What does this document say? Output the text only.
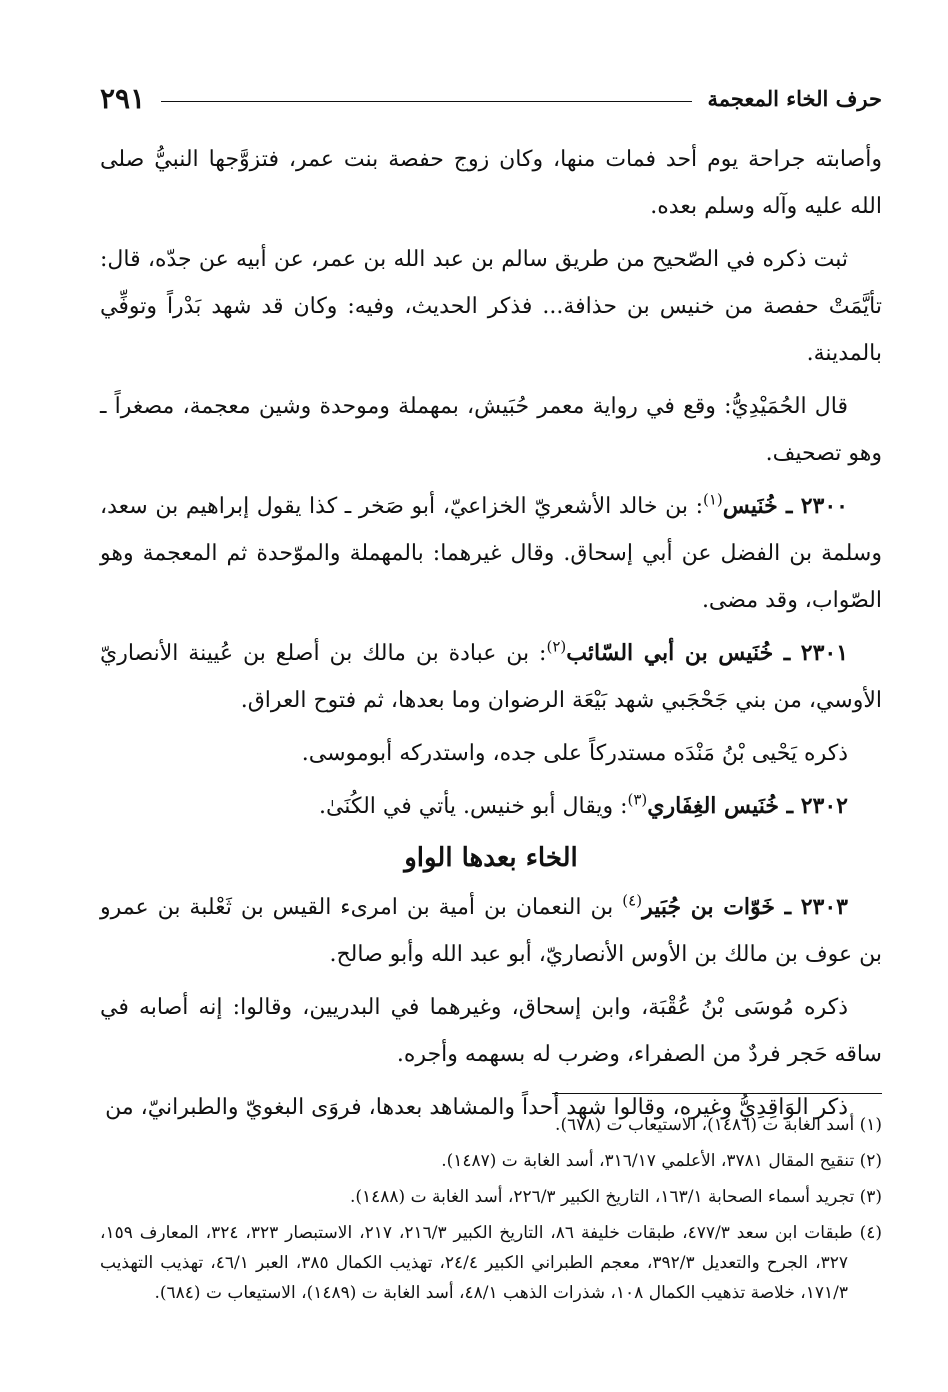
حرف الخاء المعجمة
٢٩١

وأصابته جراحة يوم أحد فمات منها، وكان زوج حفصة بنت عمر، فتزوَّجها النبيُّ صلى الله عليه وآله وسلم بعده.

ثبت ذكره في الصّحيح من طريق سالم بن عبد الله بن عمر، عن أبيه عن جدّه، قال: تأيَّمَتْ حفصة من خنيس بن حذافة... فذكر الحديث، وفيه: وكان قد شهد بَدْراً وتوفِّي بالمدينة.

قال الحُمَيْدِيُّ: وقع في رواية معمر حُبَيش، بمهملة وموحدة وشين معجمة، مصغراً ـ وهو تصحيف.

٢٣٠٠ ـ خُنَيس$^{(١)}$: بن خالد الأشعريّ الخزاعيّ، أبو صَخر ـ كذا يقول إبراهيم بن سعد، وسلمة بن الفضل عن أبي إسحاق. وقال غيرهما: بالمهملة والموّحدة ثم المعجمة وهو الصّواب، وقد مضى.

٢٣٠١ ـ خُنَيس بن أبي السّائب$^{(٢)}$: بن عبادة بن مالك بن أصلع بن عُيينة الأنصاريّ الأوسي، من بني جَحْجَبي شهد بَيْعَة الرضوان وما بعدها، ثم فتوح العراق.

ذكره يَحْيى بْنُ مَنْدَه مستدركاً على جده، واستدركه أبوموسى.

٢٣٠٢ ـ خُنَيس الغِفَاري$^{(٣)}$: ويقال أبو خنيس. يأتي في الكُنَىٰ.

الخاء بعدها الواو

٢٣٠٣ ـ خَوّات بن جُبَير$^{(٤)}$ بن النعمان بن أمية بن امرىء القيس بن ثَعْلبة بن عمرو بن عوف بن مالك بن الأوس الأنصاريّ، أبو عبد الله وأبو صالح.

ذكره مُوسَى بْنُ عُقْبَة، وابن إسحاق، وغيرهما في البدريين، وقالوا: إنه أصابه في ساقه حَجر فردٌ من الصفراء، وضرب له بسهمه وأجره.

ذكر الوَاقِدِيُّ وغيره، وقالوا شهد أحداً والمشاهد بعدها، فروَى البغويّ والطبرانيّ، من

(١) أسد الغابة ت (١٤٨٦)، الاستيعاب ت (٦٧٨).

(٢) تنقيح المقال ٣٧٨١، الأعلمي ٣١٦/١٧، أسد الغابة ت (١٤٨٧).

(٣) تجريد أسماء الصحابة ١٦٣/١، التاريخ الكبير ٢٢٦/٣، أسد الغابة ت (١٤٨٨).

(٤) طبقات ابن سعد ٤٧٧/٣، طبقات خليفة ٨٦، التاريخ الكبير ٢١٦/٣، ٢١٧، الاستبصار ٣٢٣، ٣٢٤، المعارف ١٥٩، ٣٢٧، الجرح والتعديل ٣٩٢/٣، معجم الطبراني الكبير ٢٤/٤، تهذيب الكمال ٣٨٥، العبر ٤٦/١، تهذيب التهذيب ١٧١/٣، خلاصة تذهيب الكمال ١٠٨، شذرات الذهب ٤٨/١، أسد الغابة ت (١٤٨٩)، الاستيعاب ت (٦٨٤).
